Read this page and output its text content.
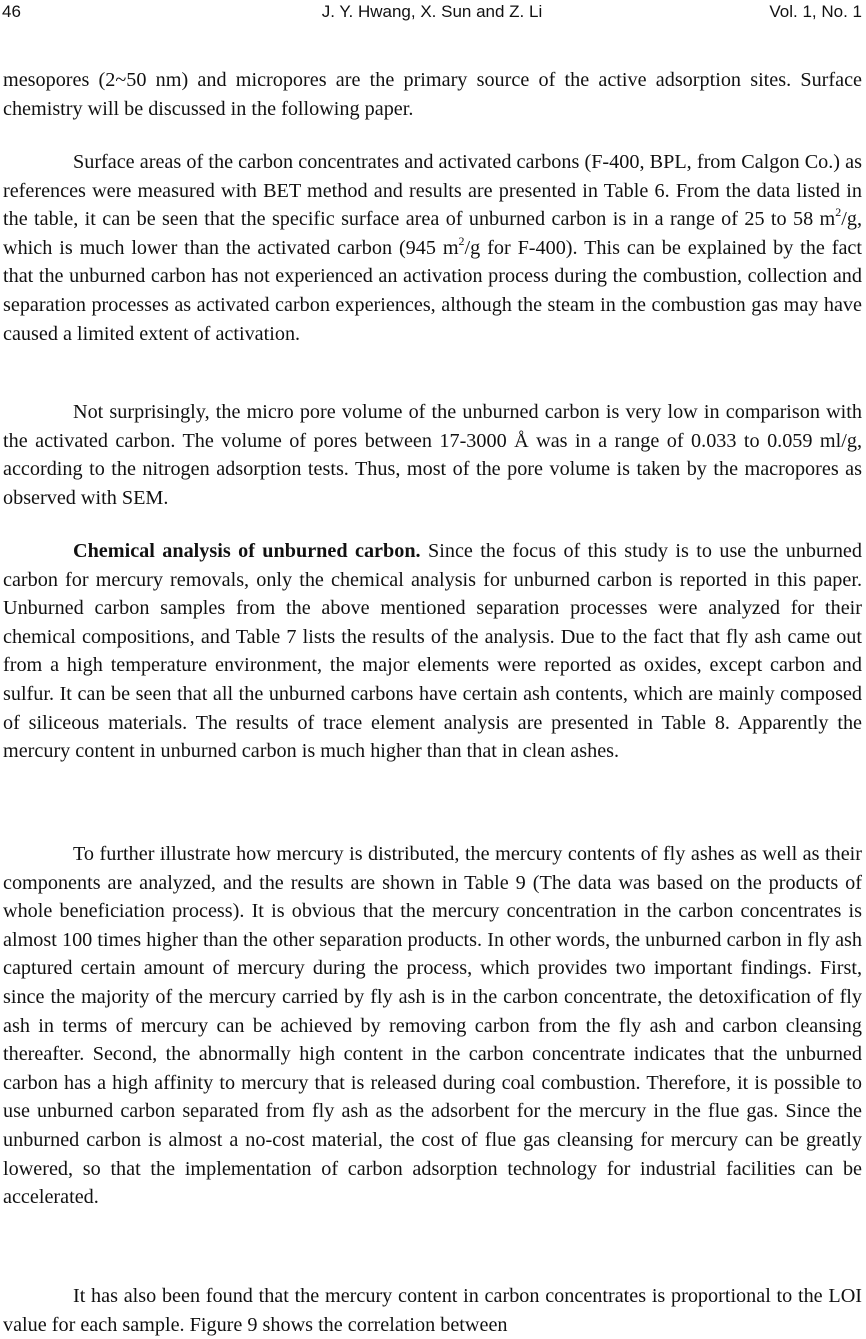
46	J. Y. Hwang, X. Sun and Z. Li	Vol. 1, No. 1

mesopores (2~50 nm) and micropores are the primary source of the active adsorption sites. Surface chemistry will be discussed in the following paper.

Surface areas of the carbon concentrates and activated carbons (F-400, BPL, from Calgon Co.) as references were measured with BET method and results are presented in Table 6. From the data listed in the table, it can be seen that the specific surface area of unburned carbon is in a range of 25 to 58 $m^2/g$, which is much lower than the activated carbon (945 $m^2/g$ for F-400). This can be explained by the fact that the unburned carbon has not experienced an activation process during the combustion, collection and separation processes as activated carbon experiences, although the steam in the combustion gas may have caused a limited extent of activation.

Not surprisingly, the micro pore volume of the unburned carbon is very low in comparison with the activated carbon. The volume of pores between 17-3000 Å was in a range of 0.033 to 0.059 ml/g, according to the nitrogen adsorption tests. Thus, most of the pore volume is taken by the macropores as observed with SEM.

Chemical analysis of unburned carbon. Since the focus of this study is to use the unburned carbon for mercury removals, only the chemical analysis for unburned carbon is reported in this paper. Unburned carbon samples from the above mentioned separation processes were analyzed for their chemical compositions, and Table 7 lists the results of the analysis. Due to the fact that fly ash came out from a high temperature environment, the major elements were reported as oxides, except carbon and sulfur. It can be seen that all the unburned carbons have certain ash contents, which are mainly composed of siliceous materials. The results of trace element analysis are presented in Table 8. Apparently the mercury content in unburned carbon is much higher than that in clean ashes.

To further illustrate how mercury is distributed, the mercury contents of fly ashes as well as their components are analyzed, and the results are shown in Table 9 (The data was based on the products of whole beneficiation process). It is obvious that the mercury concentration in the carbon concentrates is almost 100 times higher than the other separation products. In other words, the unburned carbon in fly ash captured certain amount of mercury during the process, which provides two important findings. First, since the majority of the mercury carried by fly ash is in the carbon concentrate, the detoxification of fly ash in terms of mercury can be achieved by removing carbon from the fly ash and carbon cleansing thereafter. Second, the abnormally high content in the carbon concentrate indicates that the unburned carbon has a high affinity to mercury that is released during coal combustion. Therefore, it is possible to use unburned carbon separated from fly ash as the adsorbent for the mercury in the flue gas. Since the unburned carbon is almost a no-cost material, the cost of flue gas cleansing for mercury can be greatly lowered, so that the implementation of carbon adsorption technology for industrial facilities can be accelerated.

It has also been found that the mercury content in carbon concentrates is proportional to the LOI value for each sample. Figure 9 shows the correlation between
